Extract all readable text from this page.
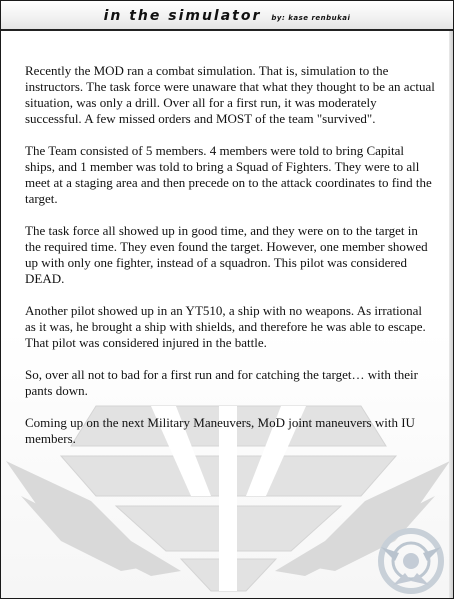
in the simulator by: kase renbukai

Recently the MOD ran a combat simulation. That is, simulation to the instructors. The task force were unaware that what they thought to be an actual situation, was only a drill. Over all for a first run, it was moderately successful. A few missed orders and MOST of the team "survived".

The Team consisted of 5 members. 4 members were told to bring Capital ships, and 1 member was told to bring a Squad of Fighters. They were to all meet at a staging area and then precede on to the attack coordinates to find the target.

The task force all showed up in good time, and they were on to the target in the required time. They even found the target. However, one member showed up with only one fighter, instead of a squadron. This pilot was considered DEAD.

Another pilot showed up in an YT510, a ship with no weapons. As irrational as it was, he brought a ship with shields, and therefore he was able to escape. That pilot was considered injured in the battle.

So, over all not to bad for a first run and for catching the target… with their pants down.

Coming up on the next Military Maneuvers, MoD joint maneuvers with IU members.
